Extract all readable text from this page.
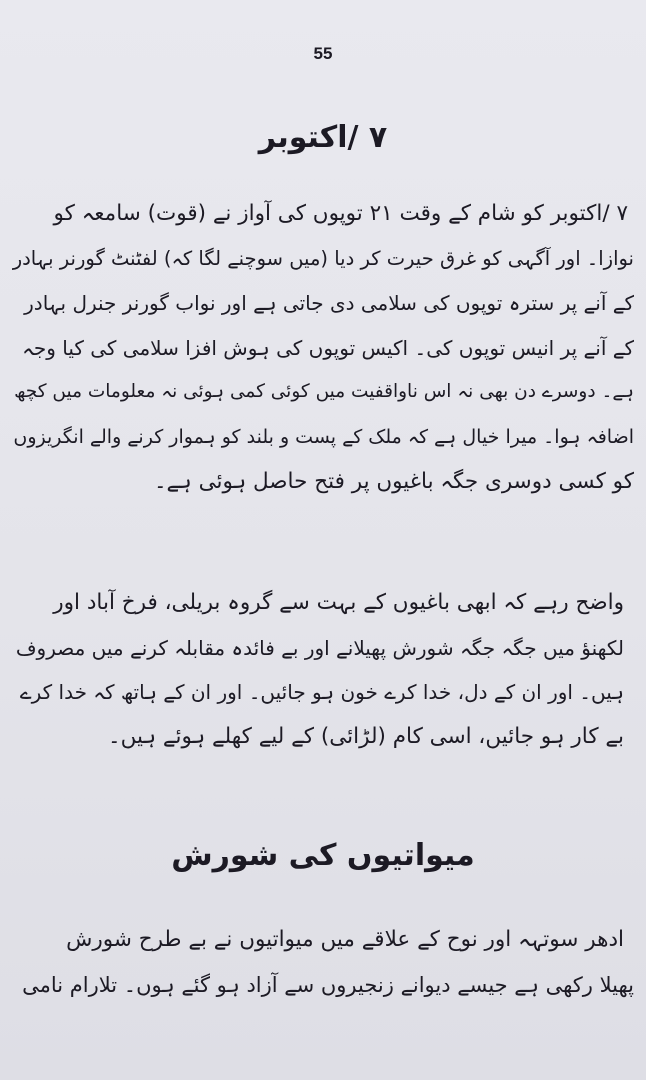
55
۷ /اکتوبر
۷ /اکتوبر کو شام کے وقت ۲۱ توپوں کی آواز نے (قوت) سامعہ کو
نوازا۔ اور آگہی کو غرق حیرت کر دیا (میں سوچنے لگا کہ) لفٹنٹ گورنر بہادر
کے آنے پر سترہ توپوں کی سلامی دی جاتی ہے اور نواب گورنر جنرل بہادر
کے آنے پر انیس توپوں کی۔ اکیس توپوں کی ہوش افزا سلامی کی کیا وجہ
ہے۔ دوسرے دن بھی نہ اس ناواقفیت میں کوئی کمی ہوئی نہ معلومات میں کچھ
اضافہ ہوا۔ میرا خیال ہے کہ ملک کے پست و بلند کو ہموار کرنے والے انگریزوں
کو کسی دوسری جگہ باغیوں پر فتح حاصل ہوئی ہے۔
واضح رہے کہ ابھی باغیوں کے بہت سے گروہ بریلی، فرخ آباد اور
لکھنؤ میں جگہ جگہ شورش پھیلانے اور بے فائدہ مقابلہ کرنے میں مصروف
ہیں۔ اور ان کے دل، خدا کرے خون ہو جائیں۔ اور ان کے ہاتھ کہ خدا کرے
بے کار ہو جائیں، اسی کام (لڑائی) کے لیے کھلے ہوئے ہیں۔
میواتیوں کی شورش
ادھر سوتہہ اور نوح کے علاقے میں میواتیوں نے بے طرح شورش
پھیلا رکھی ہے جیسے دیوانے زنجیروں سے آزاد ہو گئے ہوں۔ تلارام نامی
